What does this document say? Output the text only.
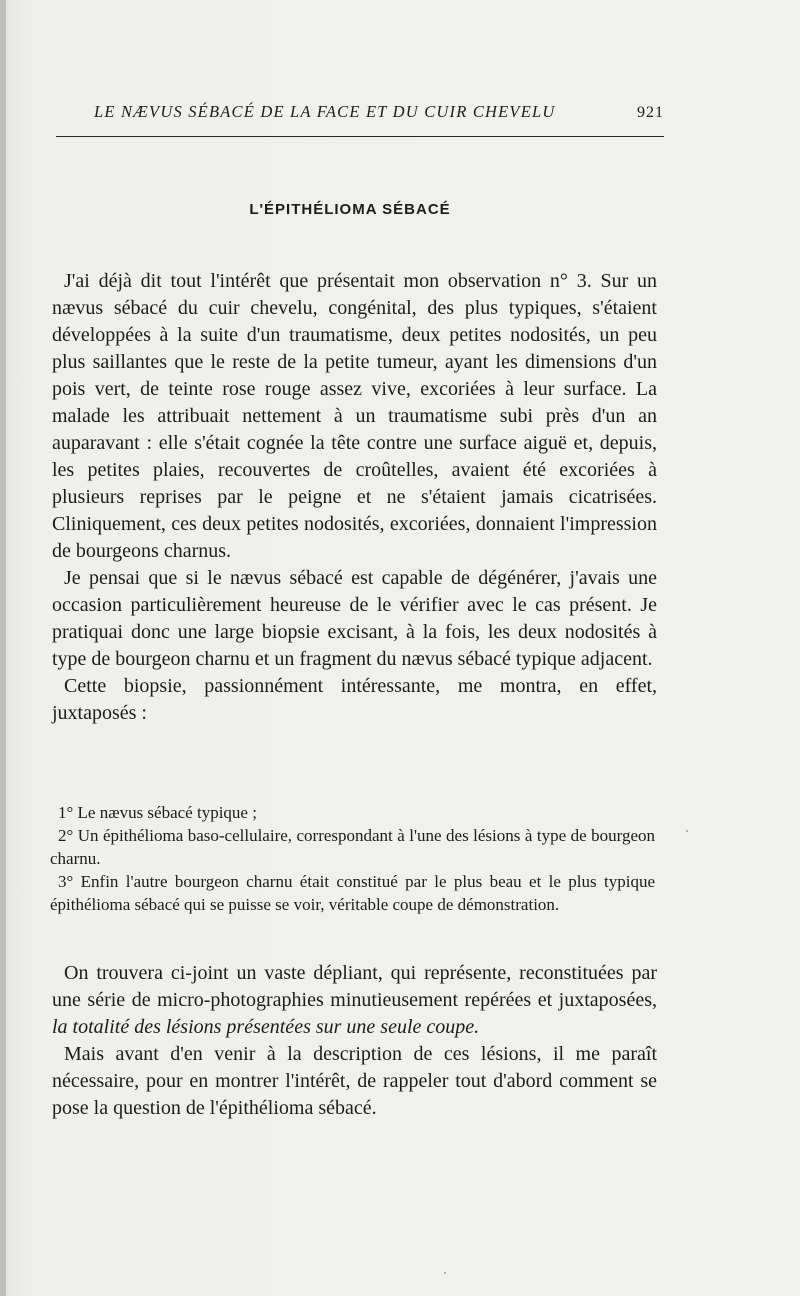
LE NÆVUS SÉBACÉ DE LA FACE ET DU CUIR CHEVELU	921
L'ÉPITHÉLIOMA SÉBACÉ

J'ai déjà dit tout l'intérêt que présentait mon observation n° 3. Sur un nævus sébacé du cuir chevelu, congénital, des plus typiques, s'étaient développées à la suite d'un traumatisme, deux petites nodosités, un peu plus saillantes que le reste de la petite tumeur, ayant les dimensions d'un pois vert, de teinte rose rouge assez vive, excoriées à leur surface. La malade les attribuait nettement à un traumatisme subi près d'un an auparavant : elle s'était cognée la tête contre une surface aiguë et, depuis, les petites plaies, recouvertes de croûtelles, avaient été excoriées à plusieurs reprises par le peigne et ne s'étaient jamais cicatrisées. Cliniquement, ces deux petites nodosités, excoriées, donnaient l'impression de bourgeons charnus.

Je pensai que si le nævus sébacé est capable de dégénérer, j'avais une occasion particulièrement heureuse de le vérifier avec le cas présent. Je pratiquai donc une large biopsie excisant, à la fois, les deux nodosités à type de bourgeon charnu et un fragment du nævus sébacé typique adjacent.

Cette biopsie, passionnément intéressante, me montra, en effet, juxtaposés :

1° Le nævus sébacé typique ;

2° Un épithélioma baso-cellulaire, correspondant à l'une des lésions à type de bourgeon charnu.

3° Enfin l'autre bourgeon charnu était constitué par le plus beau et le plus typique épithélioma sébacé qui se puisse se voir, véritable coupe de démonstration.

On trouvera ci-joint un vaste dépliant, qui représente, reconstituées par une série de micro-photographies minutieusement repérées et juxtaposées, la totalité des lésions présentées sur une seule coupe.

Mais avant d'en venir à la description de ces lésions, il me paraît nécessaire, pour en montrer l'intérêt, de rappeler tout d'abord comment se pose la question de l'épithélioma sébacé.
